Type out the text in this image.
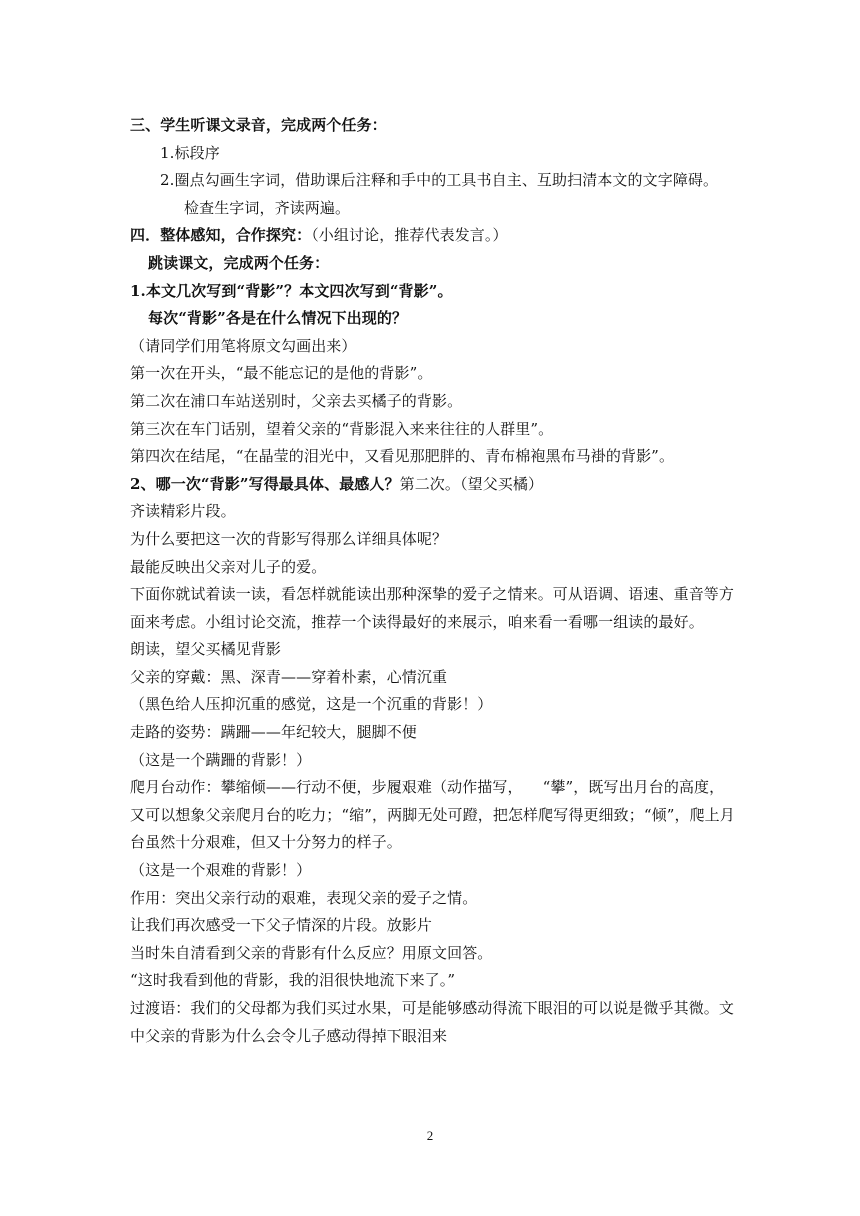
三、学生听课文录音，完成两个任务：
1.标段序
2.圈点勾画生字词，借助课后注释和手中的工具书自主、互助扫清本文的文字障碍。
检查生字词，齐读两遍。
四．整体感知，合作探究：（小组讨论，推荐代表发言。）
跳读课文，完成两个任务：
1.本文几次写到“背影”？本文四次写到“背影”。
每次“背影”各是在什么情况下出现的？
（请同学们用笔将原文勾画出来）
第一次在开头，“最不能忘记的是他的背影”。
第二次在浦口车站送别时，父亲去买橘子的背影。
第三次在车门话别，望着父亲的“背影混入来来往往的人群里”。
第四次在结尾，“在晶莹的泪光中，又看见那肥胖的、青布棉袍黑布马褂的背影”。
2、哪一次“背影”写得最具体、最感人？第二次。（望父买橘）
齐读精彩片段。
为什么要把这一次的背影写得那么详细具体呢？
最能反映出父亲对儿子的爱。
下面你就试着读一读，看怎样就能读出那种深挚的爱子之情来。可从语调、语速、重音等方
面来考虑。小组讨论交流，推荐一个读得最好的来展示，咱来看一看哪一组读的最好。
朗读，望父买橘见背影
父亲的穿戴：黑、深青——穿着朴素，心情沉重
（黑色给人压抑沉重的感觉，这是一个沉重的背影！）
走路的姿势：蹒跚——年纪较大，腿脚不便
（这是一个蹒跚的背影！）
爬月台动作：攀缩倾——行动不便，步履艰难（动作描写， “攀”，既写出月台的高度，
又可以想象父亲爬月台的吃力；“缩”，两脚无处可蹬，把怎样爬写得更细致；“倾”，爬上月
台虽然十分艰难，但又十分努力的样子。
（这是一个艰难的背影！）
作用：突出父亲行动的艰难，表现父亲的爱子之情。
让我们再次感受一下父子情深的片段。放影片
当时朱自清看到父亲的背影有什么反应？用原文回答。
“这时我看到他的背影，我的泪很快地流下来了。”
过渡语：我们的父母都为我们买过水果，可是能够感动得流下眼泪的可以说是微乎其微。文
中父亲的背影为什么会令儿子感动得掉下眼泪来
2
